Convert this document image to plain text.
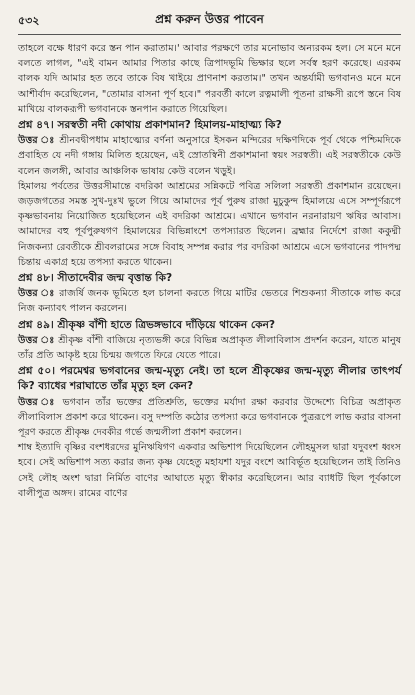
৫৩২	প্রশ্ন করুন উত্তর পাবেন

তাহলে বক্ষে ধারণ করে স্তন পান করাতাম।' আবার পরক্ষণে তার মনোভাব অন্যরকম হল। সে মনে মনে বলতে লাগল, "এই বামন আমার পিতার কাছে ত্রিপাদভূমি ভিক্ষার ছলে সর্বস্ব হরণ করেছে। এরকম বালক যদি আমার হত তবে তাকে বিষ খাইয়ে প্রাণনাশ করতাম।" তখন অন্তর্যামী ভগবানও মনে মনে আশীর্বাদ করেছিলেন, "তোমার বাসনা পূর্ণ হবে।" পরবর্তী কালে রত্নমালী পূতনা রাক্ষসী রূপে স্তনে বিষ মাখিয়ে বালকরূপী ভগবানকে স্তনপান করাতে গিয়েছিল।

প্রশ্ন ৪৭। সরস্বতী নদী কোথায় প্রকাশমান? হিমালয়-মাহাত্ম্য কি?

উত্তর ঃ শ্রীনবদ্বীপধাম মাহাত্ম্যের বর্ণনা অনুসারে ইসকন মন্দিরের দক্ষিণদিকে পূর্ব থেকে পশ্চিমদিকে প্রবাহিত যে নদী গঙ্গায় মিলিত হয়েছেন, এই স্রোতস্বিনী প্রকাশমানা স্বয়ং সরস্বতী। এই সরস্বতীকে কেউ বলেন জলঙ্গী, আবার আঞ্চলিক ভাষায় কেউ বলেন খড়ুই।

হিমালয় পর্বতের উত্তরসীমান্তে বদরিকা আশ্রমের সন্নিকটে পবিত্র সলিলা সরস্বতী প্রকাশমান রয়েছেন। জড়জগতের সমস্ত সুখ-দুঃখ ভুলে গিয়ে আমাদের পূর্ব পুরুষ রাজা মুচুকুন্দ হিমালয়ে এসে সম্পূর্ণরূপে কৃষ্ণভাবনায় নিয়োজিত হয়েছিলেন এই বদরিকা আশ্রমে। এখানে ভগবান নরনারায়ণ ঋষির আবাস। আমাদের বহু পূর্বপুরুষগণ হিমালয়ের বিভিন্নাংশে তপস্যারত ছিলেন। ব্রহ্মার নির্দেশে রাজা ককুদ্মী নিজকন্যা রেবতীকে শ্রীবলরামের সঙ্গে বিবাহ সম্পন্ন করার পর বদরিকা আশ্রমে এসে ভগবানের পাদপদ্ম চিন্তায় একাগ্র হয়ে তপস্যা করতে থাকেন।

প্রশ্ন ৪৮। সীতাদেবীর জন্ম বৃত্তান্ত কি?

উত্তর ঃ রাজর্ষি জনক ভূমিতে হল চালনা করতে গিয়ে মাটির ভেতরে শিশুকন্যা সীতাকে লাভ করে নিজ কন্যাবৎ পালন করলেন।

প্রশ্ন ৪৯। শ্রীকৃষ্ণ বাঁশী হাতে ত্রিভঙ্গভাবে দাঁড়িয়ে থাকেন কেন?

উত্তর ঃ শ্রীকৃষ্ণ বাঁশী বাজিয়ে নৃত্যভঙ্গী করে বিভিন্ন অপ্রাকৃত লীলাবিলাস প্রদর্শন করেন, যাতে মানুষ তাঁর প্রতি আকৃষ্ট হয়ে চিন্ময় জগতে ফিরে যেতে পারে।

প্রশ্ন ৫০। পরমেশ্বর ভগবানের জন্ম-মৃত্যু নেই। তা হলে শ্রীকৃষ্ণের জন্ম-মৃত্যু লীলার তাৎপর্য কি? ব্যাধের শরাঘাতে তাঁর মৃত্যু হল কেন?

উত্তর ঃ ভগবান তাঁর ভক্তের প্রতিশ্রুতি, ভক্তের মর্যাদা রক্ষা করবার উদ্দেশ্যে বিচিত্র অপ্রাকৃত লীলাবিলাস প্রকাশ করে থাকেন। বসু দম্পতি কঠোর তপস্যা করে ভগবানকে পুত্ররূপে লাভ করার বাসনা পূরণ করতে শ্রীকৃষ্ণ দেবকীর গর্ভে জন্মলীলা প্রকাশ করলেন।

শাম্ব ইত্যাদি বৃষ্ণির বংশধরদের মুনিঋষিগণ একবার অভিশাপ দিয়েছিলেন লৌহমুসল দ্বারা যদুবংশ ধ্বংস হবে। সেই অভিশাপ সত্য করার জন্য কৃষ্ণ যেহেতু মহাযশা যদুর বংশে আবির্ভূত হয়েছিলেন তাই তিনিও সেই লৌহ অংশ দ্বারা নির্মিত বাণের আঘাতে মৃত্যু স্বীকার করেছিলেন। আর ব্যাধটি ছিল পূর্বকালে বালীপুত্র অঙ্গদ। রামের বাণের
